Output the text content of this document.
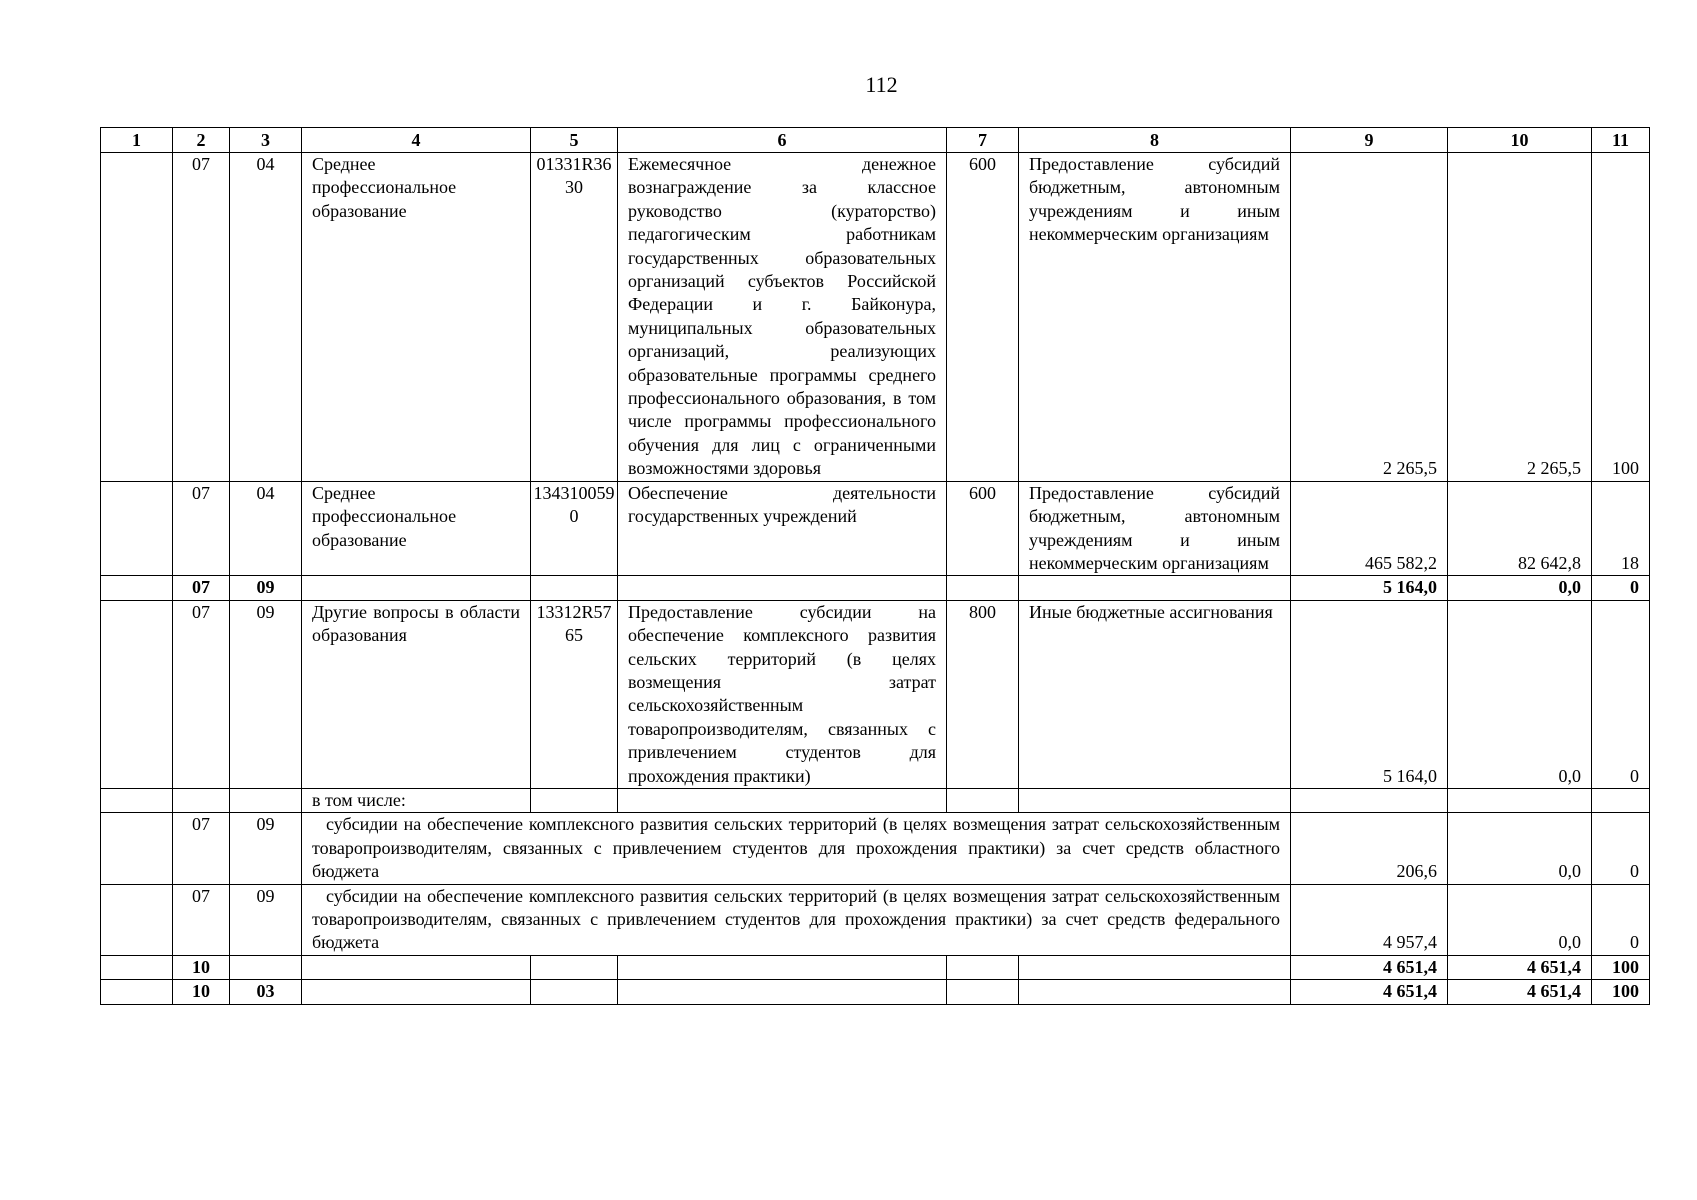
112
1	2	3	4	5	6	7	8	9	10	11
	07	04	Среднее профессиональное образование	01331R3630	Ежемесячное денежное вознаграждение за классное руководство (кураторство) педагогическим работникам государственных образовательных организаций субъектов Российской Федерации и г. Байконура, муниципальных образовательных организаций, реализующих образовательные программы среднего профессионального образования, в том числе программы профессионального обучения для лиц с ограниченными возможностями здоровья	600	Предоставление субсидий бюджетным, автономным учреждениям и иным некоммерческим организациям	2 265,5	2 265,5	100
	07	04	Среднее профессиональное образование	1343100590	Обеспечение деятельности государственных учреждений	600	Предоставление субсидий бюджетным, автономным учреждениям и иным некоммерческим организациям	465 582,2	82 642,8	18
	07	09						5 164,0	0,0	0
	07	09	Другие вопросы в области образования	13312R5765	Предоставление субсидии на обеспечение комплексного развития сельских территорий (в целях возмещения затрат сельскохозяйственным товаропроизводителям, связанных с привлечением студентов для прохождения практики)	800	Иные бюджетные ассигнования	5 164,0	0,0	0
			в том числе:							
	07	09	субсидии на обеспечение комплексного развития сельских территорий (в целях возмещения затрат сельскохозяйственным товаропроизводителям, связанных с привлечением студентов для прохождения практики) за счет средств областного бюджета					206,6	0,0	0
	07	09	субсидии на обеспечение комплексного развития сельских территорий (в целях возмещения затрат сельскохозяйственным товаропроизводителям, связанных с привлечением студентов для прохождения практики) за счет средств федерального бюджета					4 957,4	0,0	0
	10							4 651,4	4 651,4	100
	10	03						4 651,4	4 651,4	100
